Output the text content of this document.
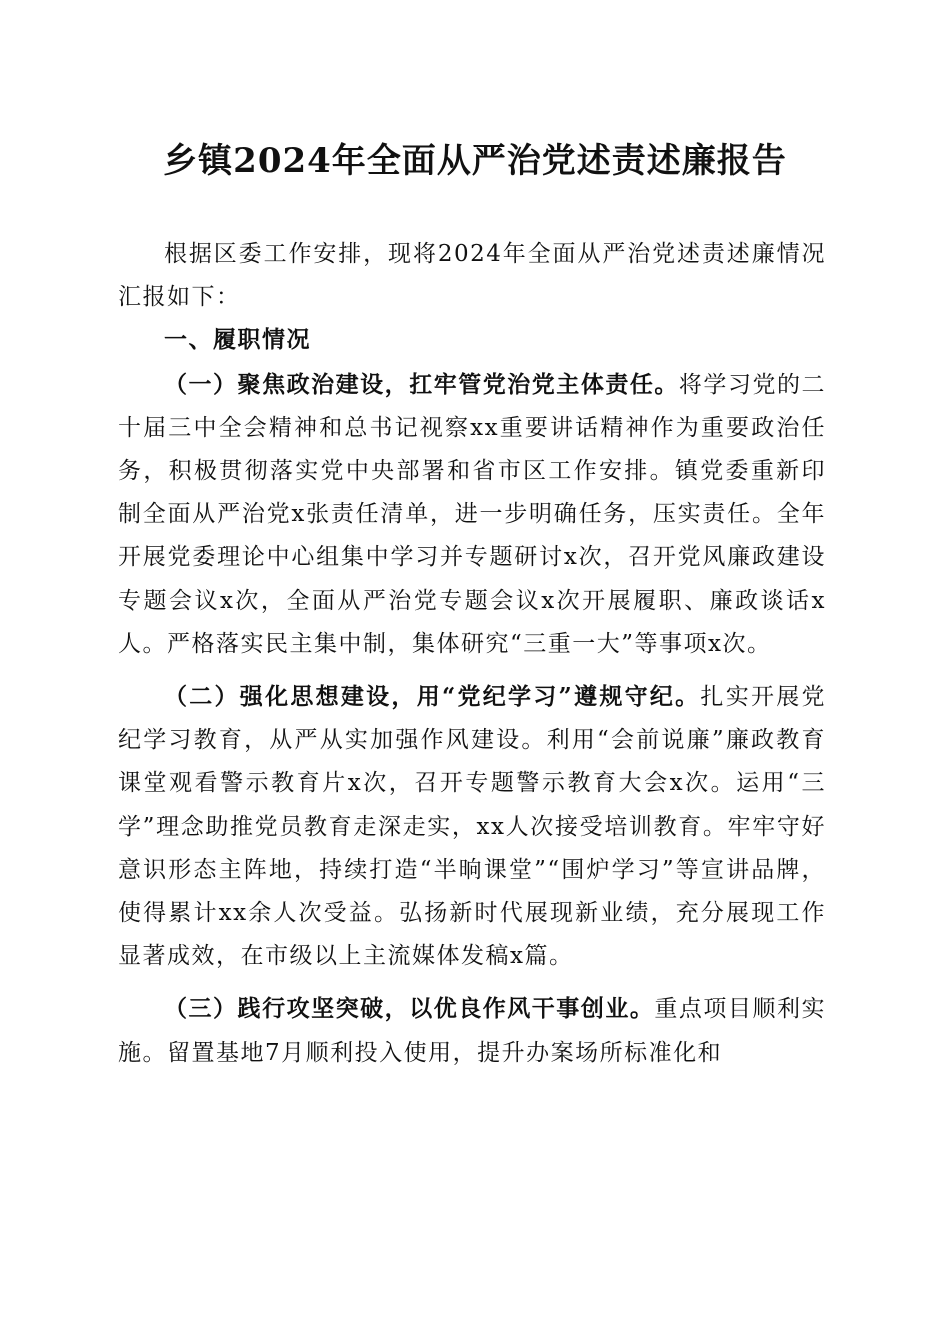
乡镇2024年全面从严治党述责述廉报告

根据区委工作安排，现将2024年全面从严治党述责述廉情况汇报如下：

一、履职情况

（一）聚焦政治建设，扛牢管党治党主体责任。将学习党的二十届三中全会精神和总书记视察xx重要讲话精神作为重要政治任务，积极贯彻落实党中央部署和省市区工作安排。镇党委重新印制全面从严治党x张责任清单，进一步明确任务，压实责任。全年开展党委理论中心组集中学习并专题研讨x次，召开党风廉政建设专题会议x次，全面从严治党专题会议x次开展履职、廉政谈话x人。严格落实民主集中制，集体研究“三重一大”等事项x次。

（二）强化思想建设，用“党纪学习”遵规守纪。扎实开展党纪学习教育，从严从实加强作风建设。利用“会前说廉”廉政教育课堂观看警示教育片x次，召开专题警示教育大会x次。运用“三学”理念助推党员教育走深走实，xx人次接受培训教育。牢牢守好意识形态主阵地，持续打造“半晌课堂”“围炉学习”等宣讲品牌，使得累计xx余人次受益。弘扬新时代展现新业绩，充分展现工作显著成效，在市级以上主流媒体发稿x篇。

（三）践行攻坚突破，以优良作风干事创业。重点项目顺利实施。留置基地7月顺利投入使用，提升办案场所标准化和
